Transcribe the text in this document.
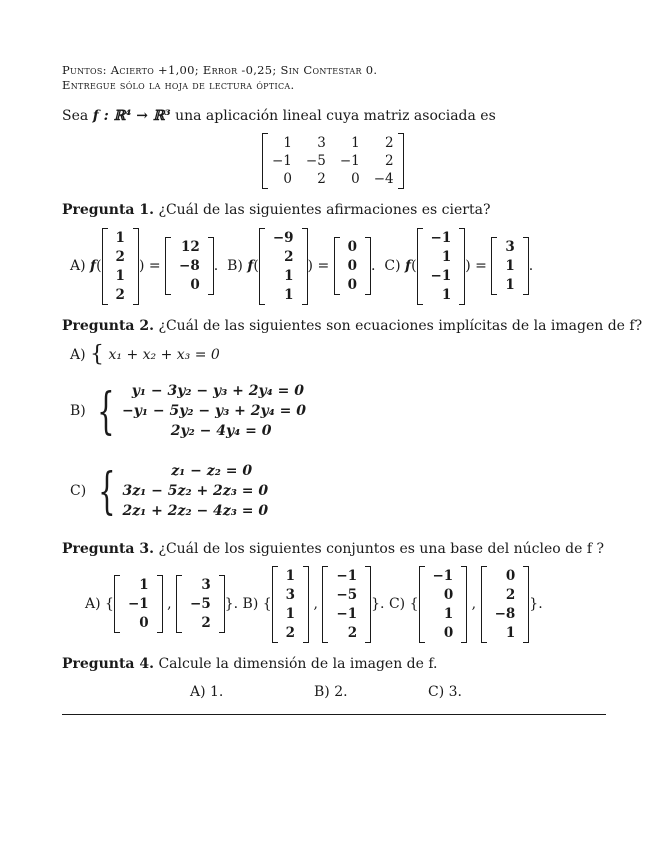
Puntos: Acierto +1,00; Error -0,25; Sin Contestar 0.
Entregue sólo la hoja de lectura óptica.
Sea f : ℝ⁴ → ℝ³ una aplicación lineal cuya matriz asociada es
1	3	1	2
−1 −5 −1	2
0	2	0 −4
Pregunta 1. ¿Cuál de las siguientes afirmaciones es cierta?
A) f(
1
2
1
2
) =
12
−8
0
. B) f(
−9
2
1
1
) =
0
0
0
. C) f(
−1
1
−1
1
) =
3
1
1
.
Pregunta 2. ¿Cuál de las siguientes son ecuaciones implícitas de la imagen de f?
A)
{
x₁ + x₂ + x₃ = 0
B)
{ y₁ − 3y₂ − y₃ + 2y₄ = 0
−y₁ − 5y₂ − y₃ + 2y₄ = 0
2y₂ − 4y₄ = 0
C)
{ z₁ − z₂ = 0
3z₁ − 5z₂ + 2z₃ = 0
2z₁ + 2z₂ − 4z₃ = 0
Pregunta 3. ¿Cuál de los siguientes conjuntos es una base del núcleo de f ?
A) {
1
−1
0
,
3
−5
2
}. B) {
1
3
1
2
,
−1
−5
−1
2
}. C) {
−1
0
1
0
,
0
2
−8
1
}.
Pregunta 4. Calcule la dimensión de la imagen de f.
A) 1.	B) 2.	C) 3.
